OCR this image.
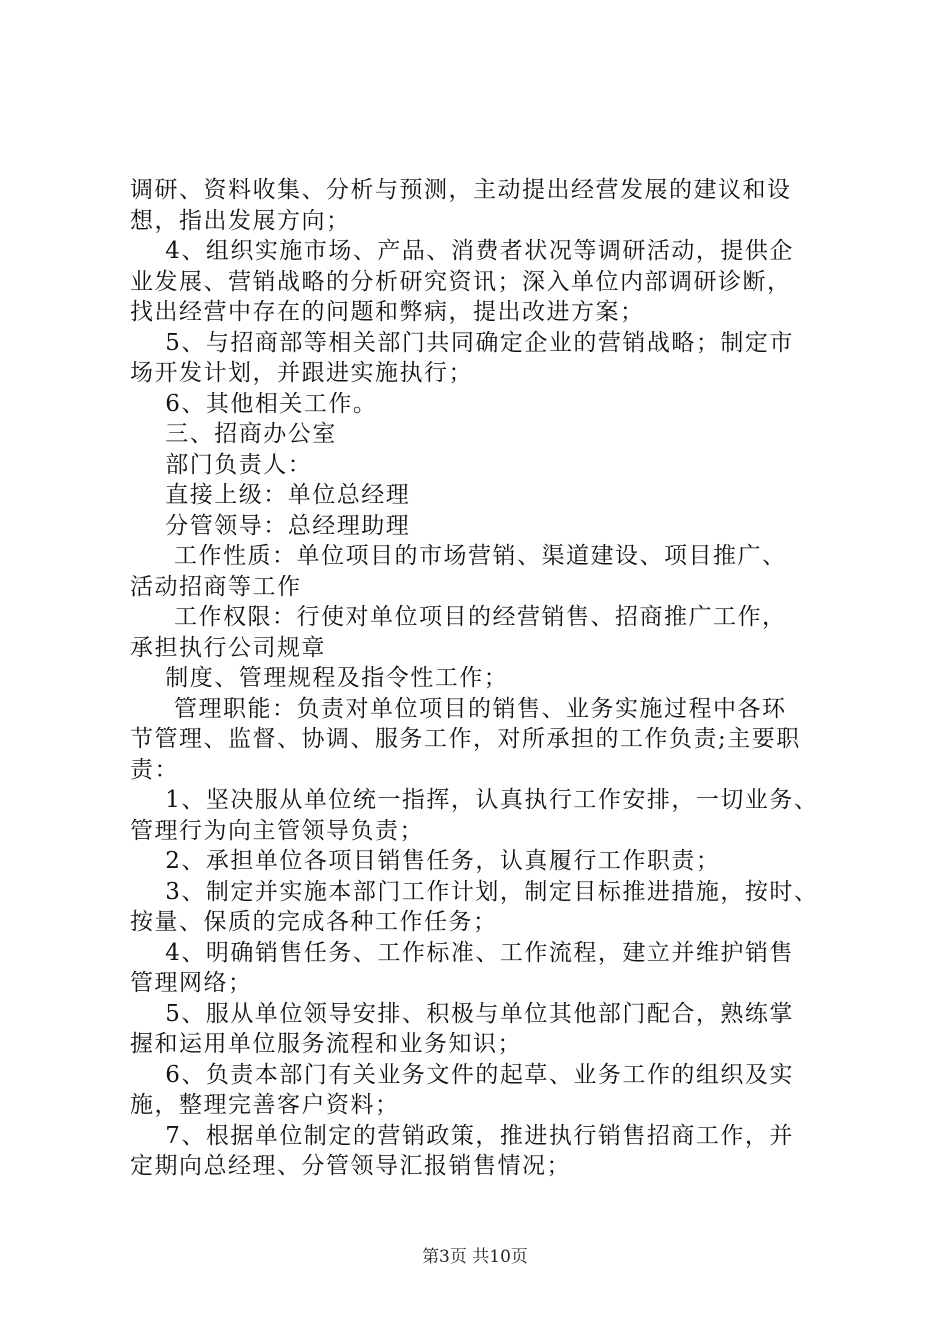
调研、资料收集、分析与预测，主动提出经营发展的建议和设
想，指出发展方向；
4、组织实施市场、产品、消费者状况等调研活动，提供企
业发展、营销战略的分析研究资讯；深入单位内部调研诊断，
找出经营中存在的问题和弊病，提出改进方案；
5、与招商部等相关部门共同确定企业的营销战略；制定市
场开发计划，并跟进实施执行；
6、其他相关工作。
三、招商办公室
部门负责人：
直接上级：单位总经理
分管领导：总经理助理
工作性质：单位项目的市场营销、渠道建设、项目推广、
活动招商等工作
工作权限：行使对单位项目的经营销售、招商推广工作，
承担执行公司规章
制度、管理规程及指令性工作；
管理职能：负责对单位项目的销售、业务实施过程中各环
节管理、监督、协调、服务工作，对所承担的工作负责;主要职
责：
1、坚决服从单位统一指挥，认真执行工作安排，一切业务、
管理行为向主管领导负责；
2、承担单位各项目销售任务，认真履行工作职责；
3、制定并实施本部门工作计划，制定目标推进措施，按时、
按量、保质的完成各种工作任务；
4、明确销售任务、工作标准、工作流程，建立并维护销售
管理网络；
5、服从单位领导安排、积极与单位其他部门配合，熟练掌
握和运用单位服务流程和业务知识；
6、负责本部门有关业务文件的起草、业务工作的组织及实
施，整理完善客户资料；
7、根据单位制定的营销政策，推进执行销售招商工作，并
定期向总经理、分管领导汇报销售情况；
第3页 共10页
